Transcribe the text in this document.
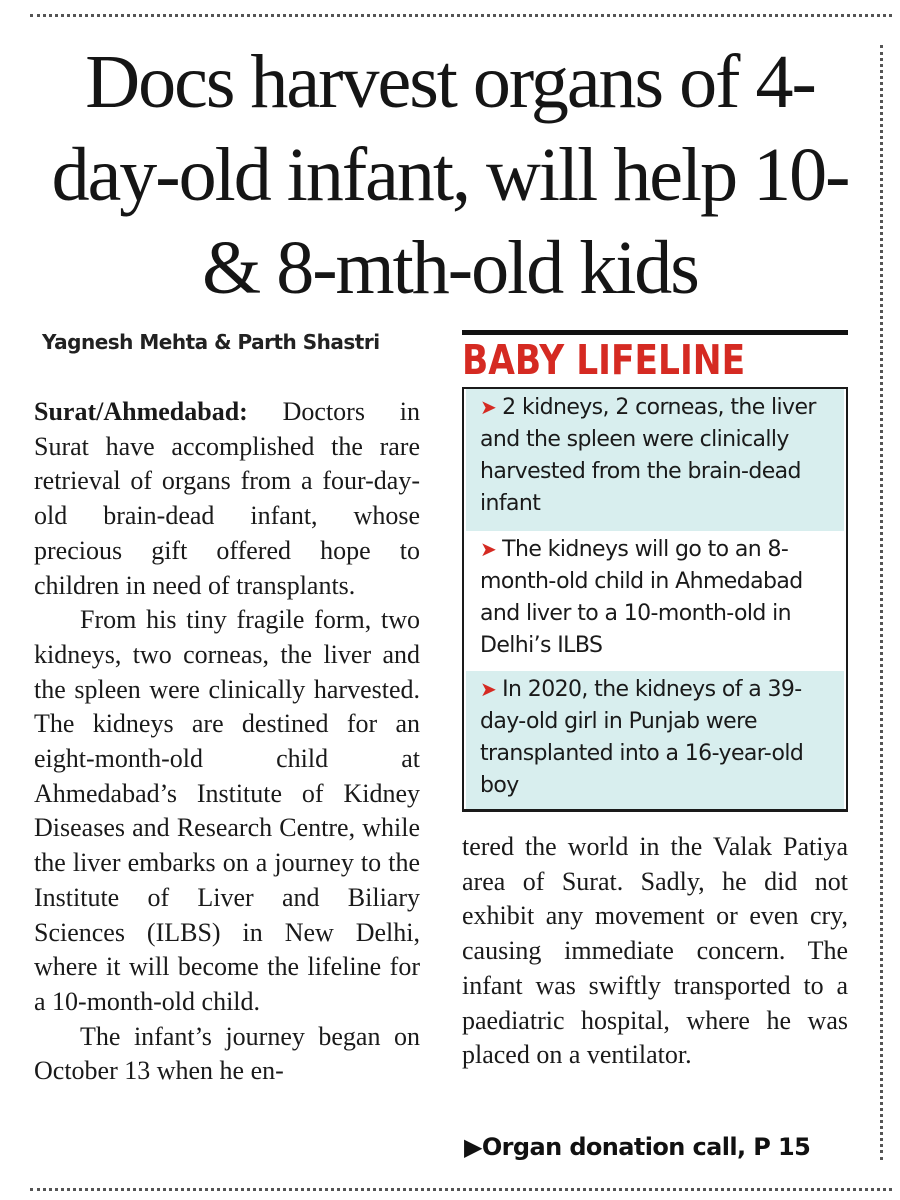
Docs harvest organs of 4-day-old infant, will help 10- & 8-mth-old kids
Yagnesh Mehta & Parth Shastri

Surat/Ahmedabad: Doctors in Surat have accomplished the rare retrieval of organs from a four-day-old brain-dead infant, whose precious gift offered hope to children in need of transplants.

From his tiny fragile form, two kidneys, two corneas, the liver and the spleen were clinically harvested. The kidneys are destined for an eight-month-old child at Ahmedabad’s Institute of Kidney Diseases and Research Centre, while the liver embarks on a journey to the Institute of Liver and Biliary Sciences (ILBS) in New Delhi, where it will become the lifeline for a 10-month-old child.

The infant’s journey began on October 13 when he en-

BABY LIFELINE
➤ 2 kidneys, 2 corneas, the liver and the spleen were clinically harvested from the brain-dead infant
➤ The kidneys will go to an 8-month-old child in Ahmedabad and liver to a 10-month-old in Delhi’s ILBS
➤ In 2020, the kidneys of a 39-day-old girl in Punjab were transplanted into a 16-year-old boy
tered the world in the Valak Patiya area of Surat. Sadly, he did not exhibit any movement or even cry, causing immediate concern. The infant was swiftly transported to a paediatric hospital, where he was placed on a ventilator.
▶Organ donation call, P 15
